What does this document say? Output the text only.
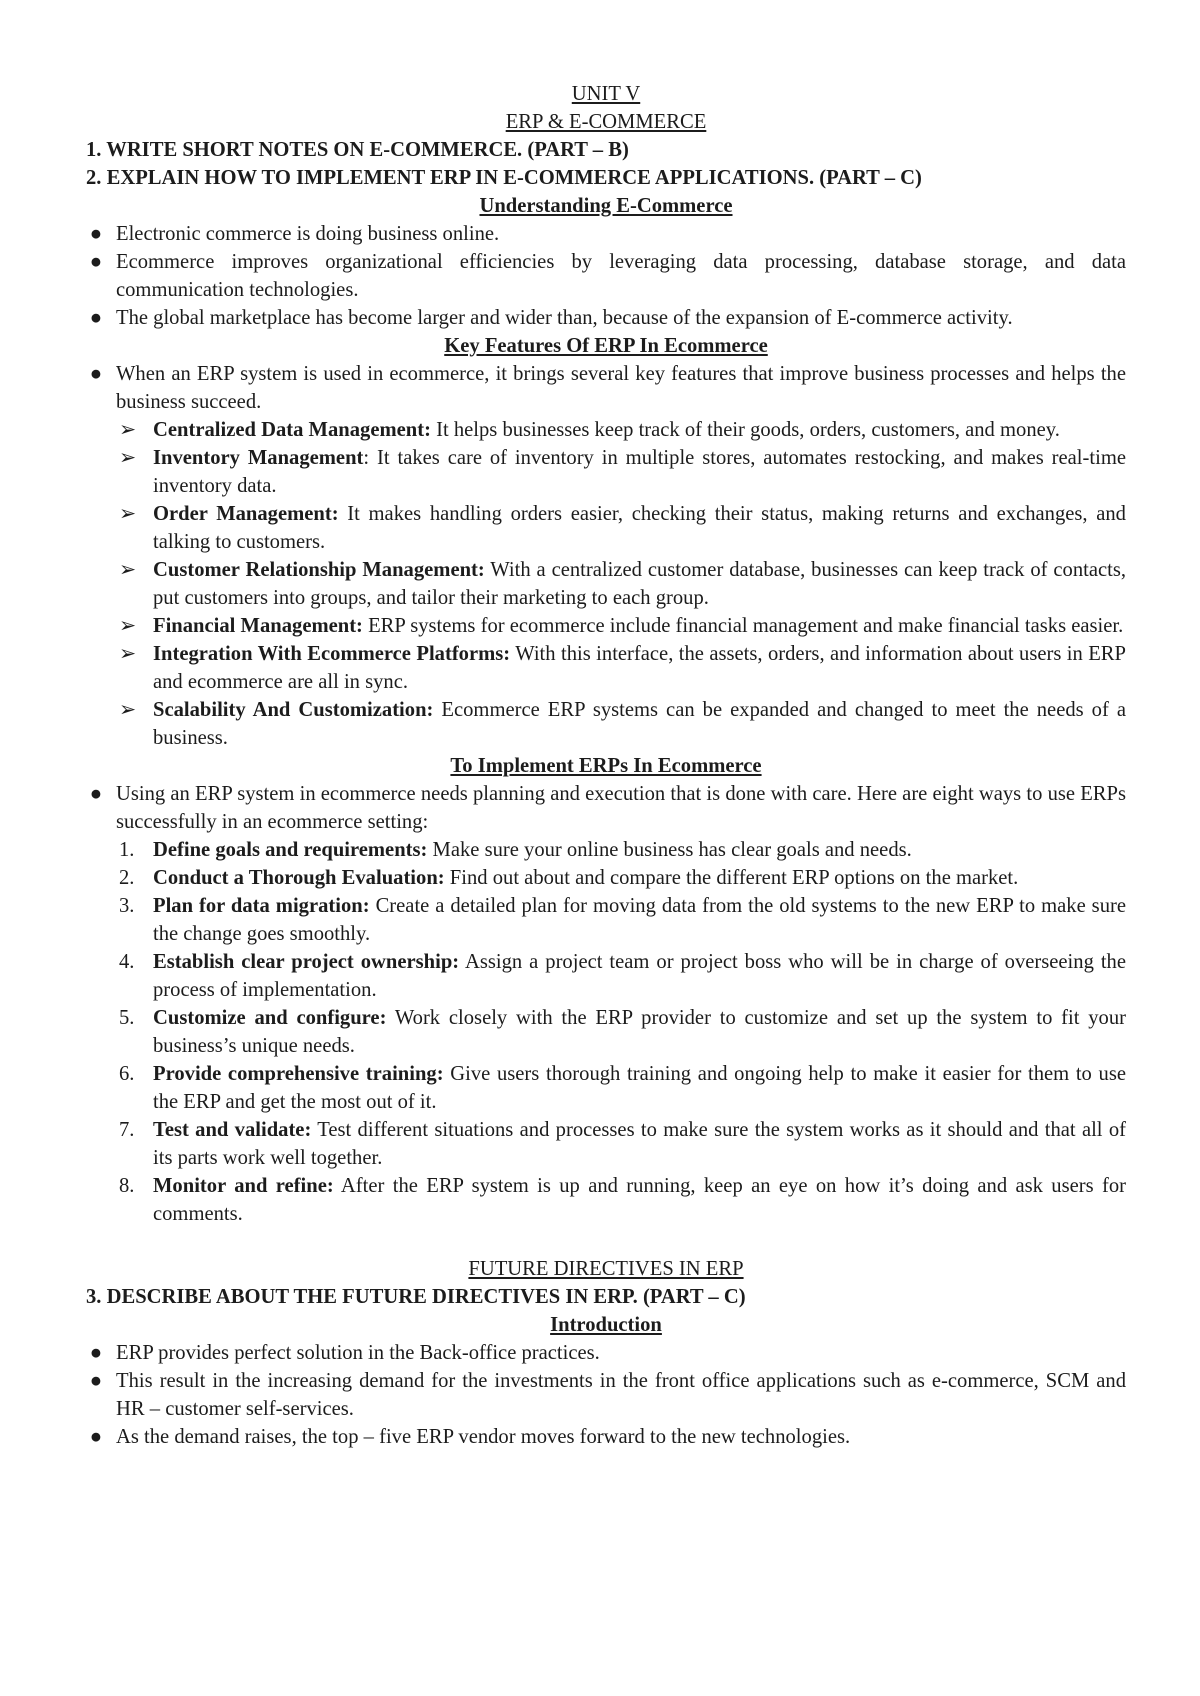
UNIT V

ERP & E-COMMERCE

1. WRITE SHORT NOTES ON E-COMMERCE. (PART – B)

2. EXPLAIN HOW TO IMPLEMENT ERP IN E-COMMERCE APPLICATIONS. (PART – C)

Understanding E-Commerce

● Electronic commerce is doing business online.
● Ecommerce improves organizational efficiencies by leveraging data processing, database storage, and data communication technologies.
● The global marketplace has become larger and wider than, because of the expansion of E-commerce activity.

Key Features Of ERP In Ecommerce

● When an ERP system is used in ecommerce, it brings several key features that improve business processes and helps the business succeed.
➢ Centralized Data Management: It helps businesses keep track of their goods, orders, customers, and money.
➢ Inventory Management: It takes care of inventory in multiple stores, automates restocking, and makes real-time inventory data.
➢ Order Management: It makes handling orders easier, checking their status, making returns and exchanges, and talking to customers.
➢ Customer Relationship Management: With a centralized customer database, businesses can keep track of contacts, put customers into groups, and tailor their marketing to each group.
➢ Financial Management: ERP systems for ecommerce include financial management and make financial tasks easier.
➢ Integration With Ecommerce Platforms: With this interface, the assets, orders, and information about users in ERP and ecommerce are all in sync.
➢ Scalability And Customization: Ecommerce ERP systems can be expanded and changed to meet the needs of a business.

To Implement ERPs In Ecommerce

● Using an ERP system in ecommerce needs planning and execution that is done with care. Here are eight ways to use ERPs successfully in an ecommerce setting:
1. Define goals and requirements: Make sure your online business has clear goals and needs.
2. Conduct a Thorough Evaluation: Find out about and compare the different ERP options on the market.
3. Plan for data migration: Create a detailed plan for moving data from the old systems to the new ERP to make sure the change goes smoothly.
4. Establish clear project ownership: Assign a project team or project boss who will be in charge of overseeing the process of implementation.
5. Customize and configure: Work closely with the ERP provider to customize and set up the system to fit your business’s unique needs.
6. Provide comprehensive training: Give users thorough training and ongoing help to make it easier for them to use the ERP and get the most out of it.
7. Test and validate: Test different situations and processes to make sure the system works as it should and that all of its parts work well together.
8. Monitor and refine: After the ERP system is up and running, keep an eye on how it’s doing and ask users for comments.

FUTURE DIRECTIVES IN ERP

3. DESCRIBE ABOUT THE FUTURE DIRECTIVES IN ERP. (PART – C)

Introduction

● ERP provides perfect solution in the Back-office practices.
● This result in the increasing demand for the investments in the front office applications such as e-commerce, SCM and HR – customer self-services.
● As the demand raises, the top – five ERP vendor moves forward to the new technologies.
